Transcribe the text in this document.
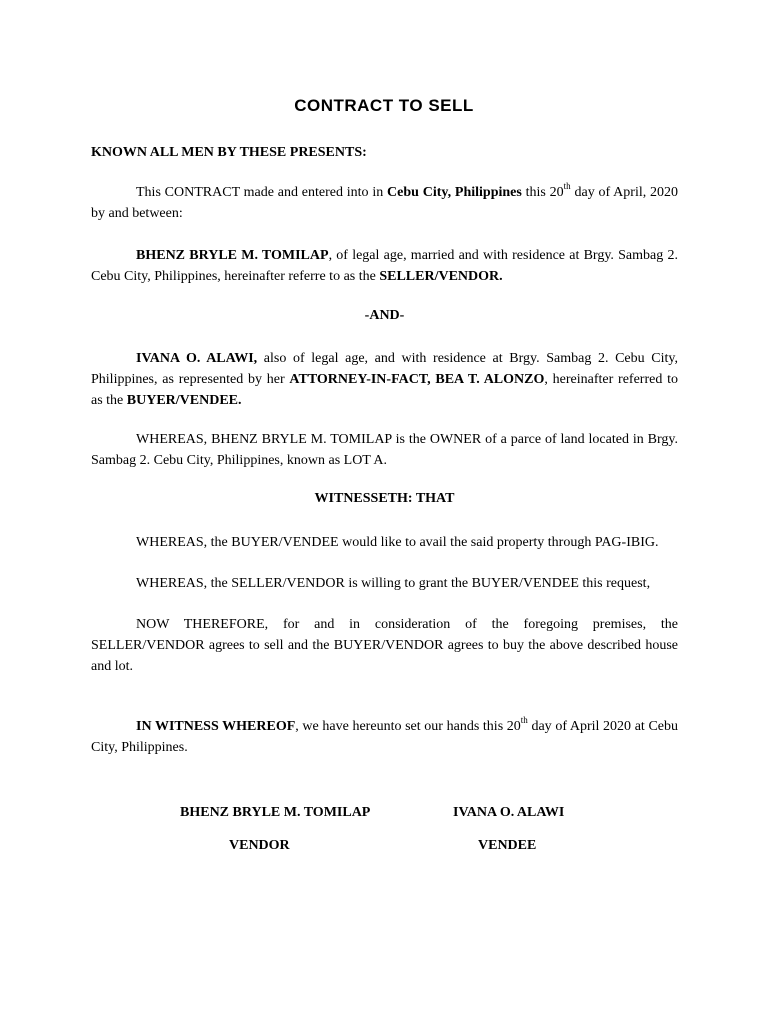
CONTRACT TO SELL
KNOWN ALL MEN BY THESE PRESENTS:
This CONTRACT made and entered into in Cebu City, Philippines this 20th day of April, 2020 by and between:
BHENZ BRYLE M. TOMILAP, of legal age, married and with residence at Brgy. Sambag 2. Cebu City, Philippines, hereinafter referre to as the SELLER/VENDOR.
-AND-
IVANA O. ALAWI, also of legal age, and with residence at Brgy. Sambag 2. Cebu City, Philippines, as represented by her ATTORNEY-IN-FACT, BEA T. ALONZO, hereinafter referred to as the BUYER/VENDEE.
WHEREAS, BHENZ BRYLE M. TOMILAP is the OWNER of a parce of land located in Brgy. Sambag 2. Cebu City, Philippines, known as LOT A.
WITNESSETH: THAT
WHEREAS, the BUYER/VENDEE would like to avail the said property through PAG-IBIG.
WHEREAS, the SELLER/VENDOR is willing to grant the BUYER/VENDEE this request,
NOW THEREFORE, for and in consideration of the foregoing premises, the SELLER/VENDOR agrees to sell and the BUYER/VENDOR agrees to buy the above described house and lot.
IN WITNESS WHEREOF, we have hereunto set our hands this 20th day of April 2020 at Cebu City, Philippines.
BHENZ BRYLE M. TOMILAP	IVANA O. ALAWI
VENDOR	VENDEE
